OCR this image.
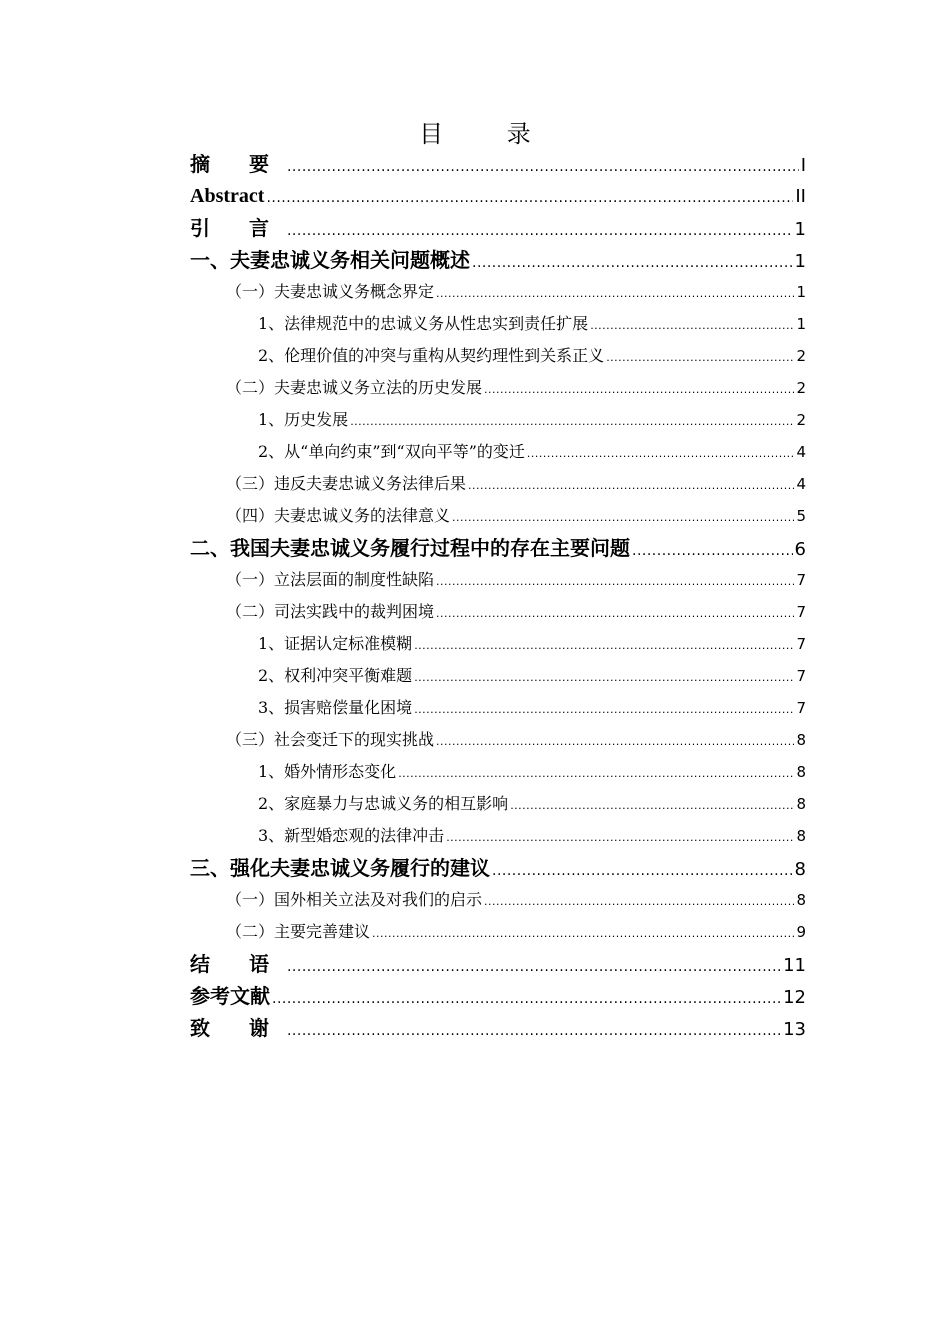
目 录
摘 要 .....	I
Abstract .....	II
引 言 .....	1
一、夫妻忠诚义务相关问题概述 .....	1
（一）夫妻忠诚义务概念界定 .....	1
1、法律规范中的忠诚义务从性忠实到责任扩展 .....	1
2、伦理价值的冲突与重构从契约理性到关系正义 .....	2
（二）夫妻忠诚义务立法的历史发展 .....	2
1、历史发展 .....	2
2、从“单向约束”到“双向平等”的变迁 .....	4
（三）违反夫妻忠诚义务法律后果 .....	4
（四）夫妻忠诚义务的法律意义 .....	5
二、我国夫妻忠诚义务履行过程中的存在主要问题 .....	6
（一）立法层面的制度性缺陷 .....	7
（二）司法实践中的裁判困境 .....	7
1、证据认定标准模糊 .....	7
2、权利冲突平衡难题 .....	7
3、损害赔偿量化困境 .....	7
（三）社会变迁下的现实挑战 .....	8
1、婚外情形态变化 .....	8
2、家庭暴力与忠诚义务的相互影响 .....	8
3、新型婚恋观的法律冲击 .....	8
三、强化夫妻忠诚义务履行的建议 .....	8
（一）国外相关立法及对我们的启示 .....	8
（二）主要完善建议 .....	9
结 语 .....	11
参考文献 .....	12
致 谢 .....	13
